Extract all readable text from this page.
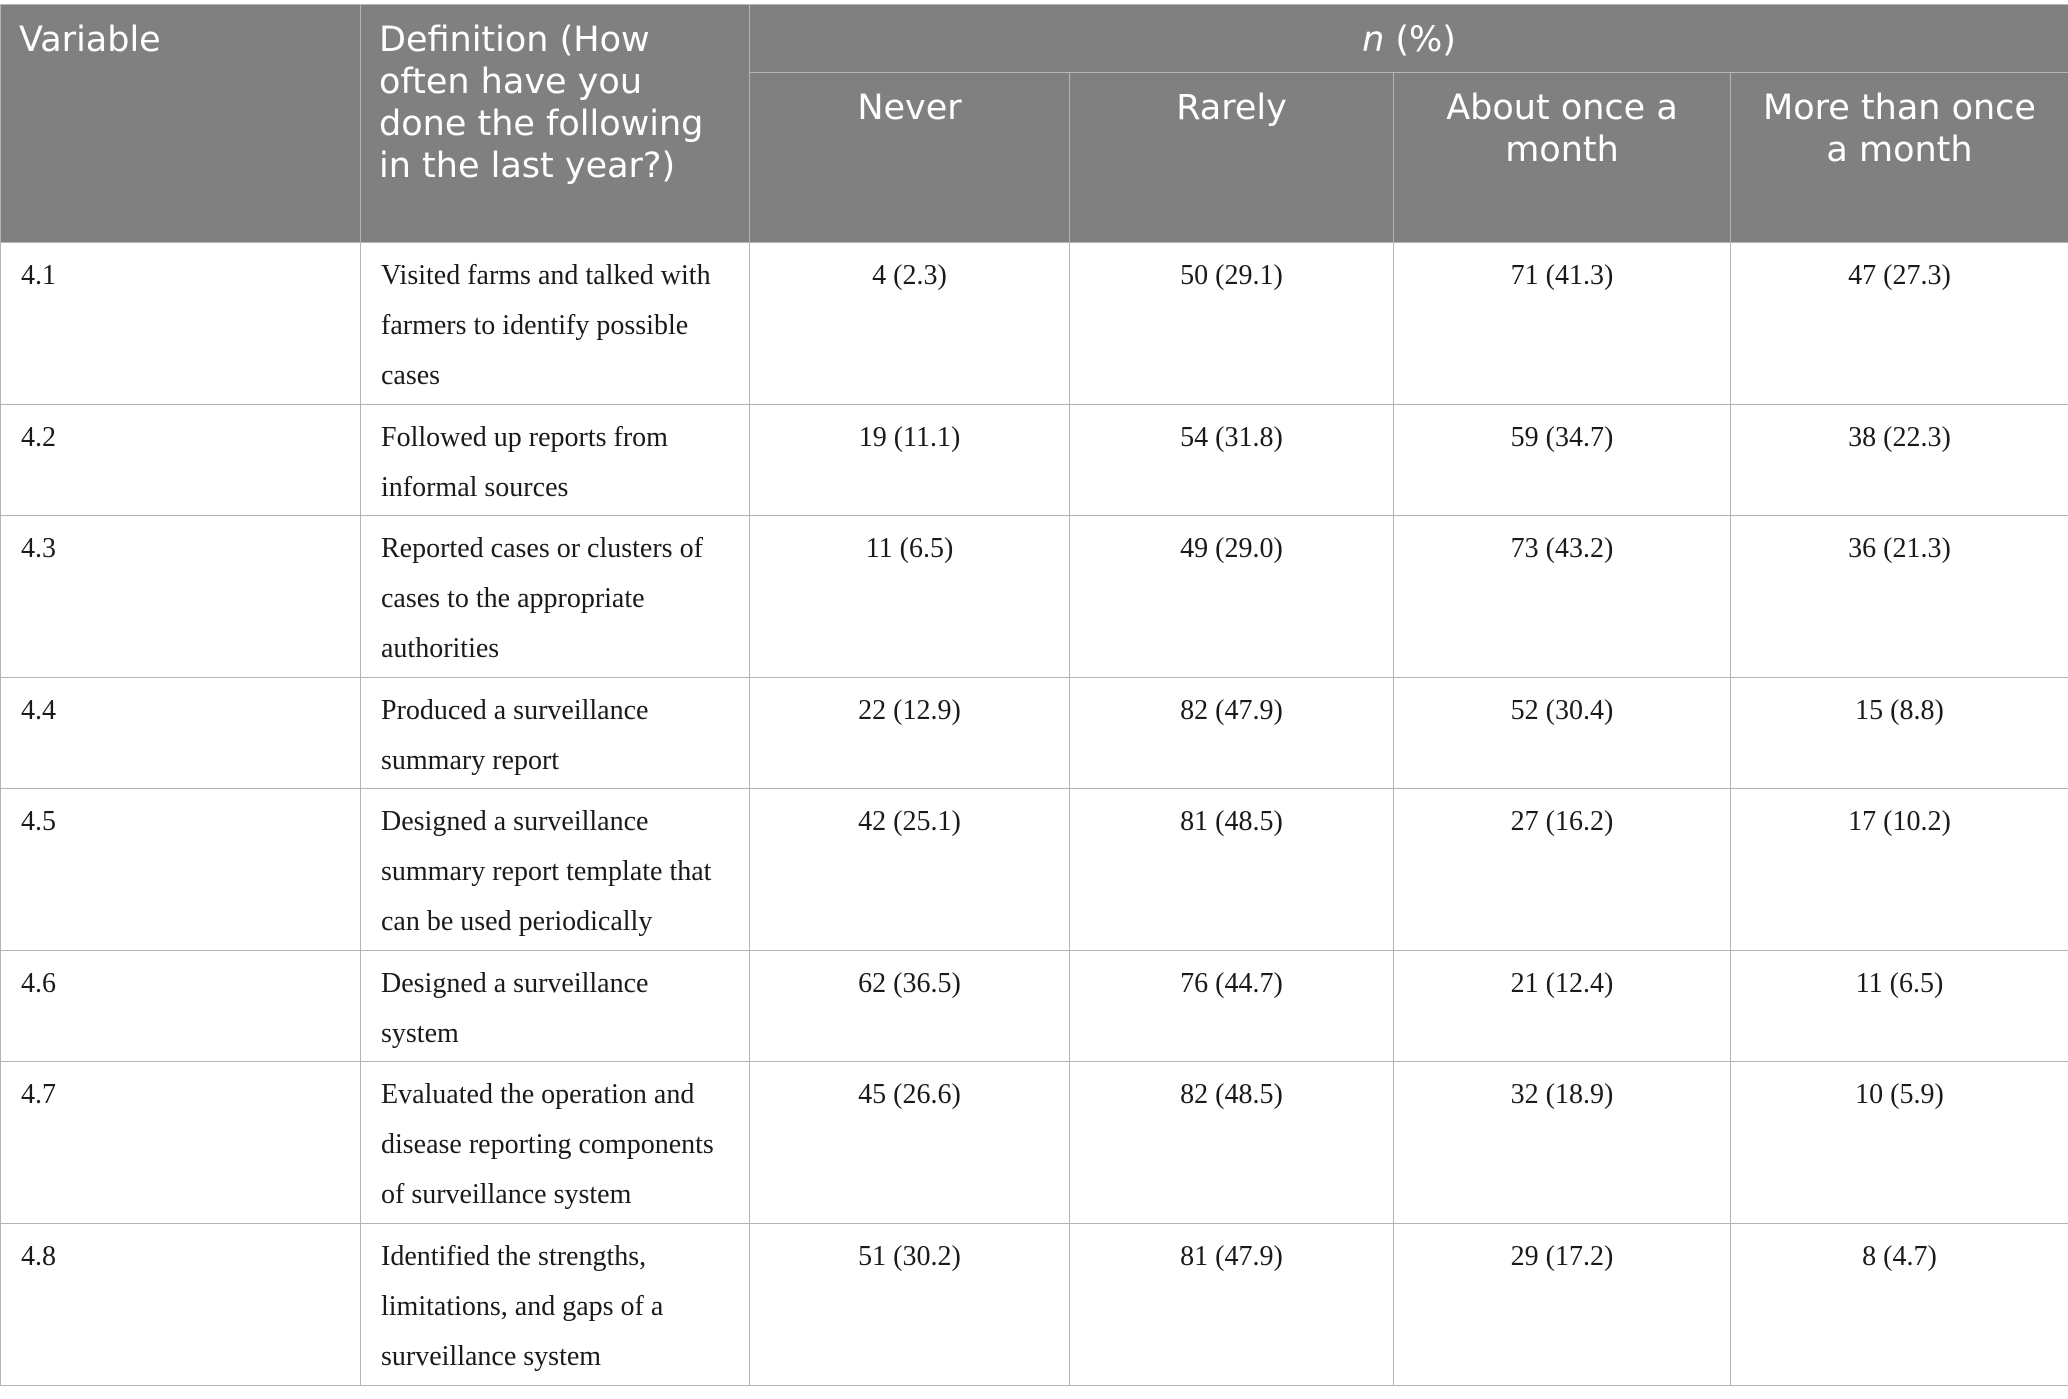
Variable	Definition (How often have you done the following in the last year?)	n (%)			
		Never	Rarely	About once a month	More than once a month
4.1	Visited farms and talked with farmers to identify possible cases	4 (2.3)	50 (29.1)	71 (41.3)	47 (27.3)
4.2	Followed up reports from informal sources	19 (11.1)	54 (31.8)	59 (34.7)	38 (22.3)
4.3	Reported cases or clusters of cases to the appropriate authorities	11 (6.5)	49 (29.0)	73 (43.2)	36 (21.3)
4.4	Produced a surveillance summary report	22 (12.9)	82 (47.9)	52 (30.4)	15 (8.8)
4.5	Designed a surveillance summary report template that can be used periodically	42 (25.1)	81 (48.5)	27 (16.2)	17 (10.2)
4.6	Designed a surveillance system	62 (36.5)	76 (44.7)	21 (12.4)	11 (6.5)
4.7	Evaluated the operation and disease reporting components of surveillance system	45 (26.6)	82 (48.5)	32 (18.9)	10 (5.9)
4.8	Identified the strengths, limitations, and gaps of a surveillance system	51 (30.2)	81 (47.9)	29 (17.2)	8 (4.7)
